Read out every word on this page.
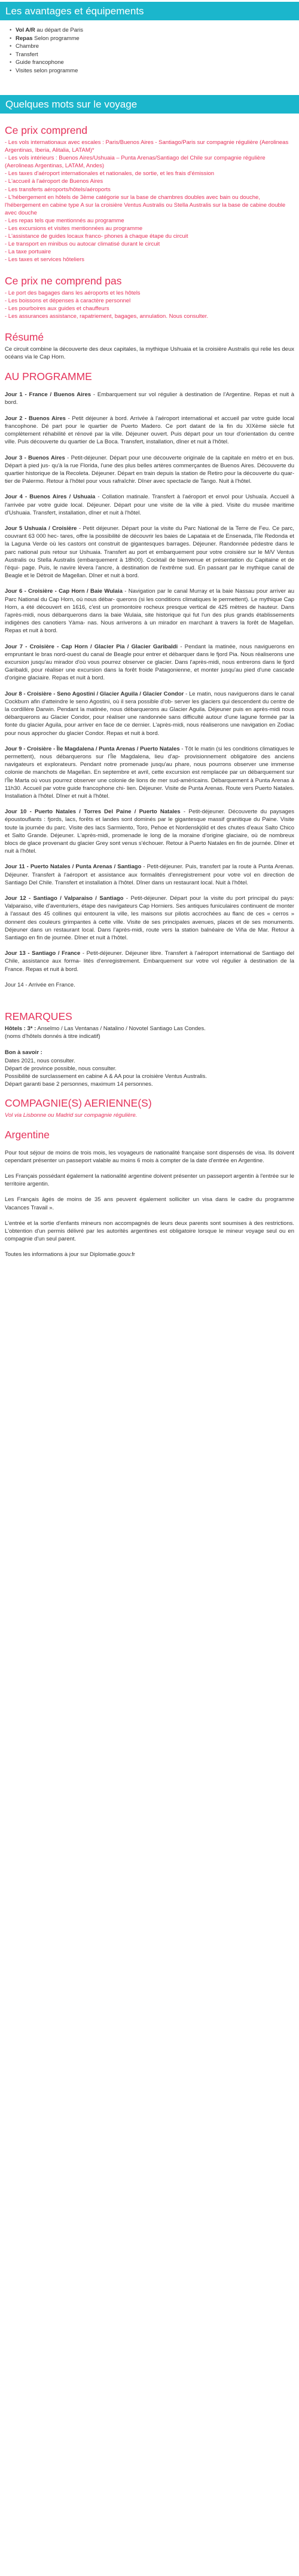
Les avantages et équipements
• Vol A/R au départ de Paris
• Repas Selon programme
• Chambre
• Transfert
• Guide francophone
• Visites selon programme
Quelques mots sur le voyage
Ce prix comprend
- Les vols internationaux avec escales : Paris/Buenos Aires - Santiago/Paris sur compagnie régulière (Aerolineas Argentinas, Iberia, Alitalia, LATAM)*
- Les vols intérieurs : Buenos Aires/Ushuaia – Punta Arenas/Santiago del Chile sur compagnie régulière (Aerolineas Argentinas, LATAM, Andes)
- Les taxes d'aéroport internationales et nationales, de sortie, et les frais d'émission
- L'accueil à l'aéroport de Buenos Aires
- Les transferts aéroports/hôtels/aéroports
- L'hébergement en hôtels de 3ème catégorie sur la base de chambres doubles avec bain ou douche, l'hébergement en cabine type A sur la croisière Ventus Australis ou Stella Australis sur la base de cabine double avec douche
- Les repas tels que mentionnés au programme
- Les excursions et visites mentionnées au programme
- L'assistance de guides locaux franco- phones à chaque étape du circuit
- Le transport en minibus ou autocar climatisé durant le circuit
- La taxe portuaire
- Les taxes et services hôteliers
Ce prix ne comprend pas
- Le port des bagages dans les aéroports et les hôtels
- Les boissons et dépenses à caractère personnel
- Les pourboires aux guides et chauffeurs
- Les assurances assistance, rapatriement, bagages, annulation. Nous consulter.
Résumé

Ce circuit combine la découverte des deux capitales, la mythique Ushuaia et la croisière Australis qui relie les deux océans via le Cap Horn.

AU PROGRAMME
Jour 1 - France / Buenos Aires - Embarquement sur vol régulier à destination de l'Argentine. Repas et nuit à bord.
Jour 2 - Buenos Aires - Petit déjeuner à bord. Arrivée à l'aéroport international et accueil par votre guide local francophone. Dé part pour le quartier de Puerto Madero. Ce port datant de la fin du XIXème siècle fut complètement réhabilité et rénové par la ville. Déjeuner ouvert. Puis départ pour un tour d'orientation du centre ville. Puis découverte du quartier de La Boca. Transfert, installation, dîner et nuit à l'hôtel.
Jour 3 - Buenos Aires - Petit-déjeuner. Départ pour une découverte originale de la capitale en métro et en bus. Départ à pied jus- qu'à la rue Florida, l'une des plus belles artères commerçantes de Buenos Aires. Découverte du quartier historique de la Recoleta. Déjeuner. Départ en train depuis la station de Retiro pour la découverte du quar- tier de Palermo. Retour à l'hôtel pour vous rafraîchir. Dîner avec spectacle de Tango. Nuit à l'hôtel.
Jour 4 - Buenos Aires / Ushuaia - Collation matinale. Transfert à l'aéroport et envol pour Ushuaïa. Accueil à l'arrivée par votre guide local. Déjeuner. Départ pour une visite de la ville à pied. Visite du musée maritime d'Ushuaia. Transfert, installation, dîner et nuit à l'hôtel.
Jour 5 Ushuaia / Croisière - Petit déjeuner. Départ pour la visite du Parc National de la Terre de Feu. Ce parc, couvrant 63 000 hec- tares, offre la possibilité de découvrir les baies de Lapataia et de Ensenada, l'île Redonda et la Laguna Verde où les castors ont construit de gigantesques barrages. Déjeuner. Randonnée pédestre dans le parc national puis retour sur Ushuaia. Transfert au port et embarquement pour votre croisière sur le M/V Ventus Australis ou Stella Australis (embarquement à 18h00). Cocktail de bienvenue et présentation du Capitaine et de l'équi- page. Puis, le navire lèvera l'ancre, à destination de l'extrême sud. En passant par le mythique canal de Beagle et le Détroit de Magellan. Dîner et nuit à bord.
Jour 6 - Croisière - Cap Horn / Baie Wulaia - Navigation par le canal Murray et la baie Nassau pour arriver au Parc National du Cap Horn, où nous débar- querons (si les conditions climatiques le permettent). Le mythique Cap Horn, a été découvert en 1616, c'est un promontoire rocheux presque vertical de 425 mètres de hauteur. Dans l'après-midi, nous débarquerons dans la baie Wulaia, site historique qui fut l'un des plus grands établissements indigènes des canotiers Yàma- nas. Nous arriverons à un mirador en marchant à travers la forêt de Magellan. Repas et nuit à bord.
Jour 7 - Croisière - Cap Horn / Glacier Pia / Glacier Garibaldi - Pendant la matinée, nous naviguerons en empruntant le bras nord-ouest du canal de Beagle pour entrer et débarquer dans le fjord Pia. Nous réaliserons une excursion jusqu'au mirador d'où vous pourrez observer ce glacier. Dans l'après-midi, nous entrerons dans le fjord Garibaldi, pour réaliser une excursion dans la forêt froide Patagonienne, et monter jusqu'au pied d'une cascade d'origine glaciaire. Repas et nuit à bord.
Jour 8 - Croisière - Seno Agostini / Glacier Aguila / Glacier Condor - Le matin, nous naviguerons dans le canal Cockburn afin d'atteindre le seno Agostini, où il sera possible d'ob- server les glaciers qui descendent du centre de la cordillère Darwin. Pendant la matinée, nous débarquerons au Glacier Aguila. Déjeuner puis en après-midi nous débarquerons au Glacier Condor, pour réaliser une randonnée sans difficulté autour d'une lagune formée par la fonte du glacier Aguila, pour arriver en face de ce dernier. L'après-midi, nous réaliserons une navigation en Zodiac pour nous approcher du glacier Condor. Repas et nuit à bord.
Jour 9 - Croisière - Île Magdalena / Punta Arenas / Puerto Natales - Tôt le matin (si les conditions climatiques le permettent), nous débarquerons sur l'Île Magdalena, lieu d'ap- provisionnement obligatoire des anciens navigateurs et explorateurs. Pendant notre promenade jusqu'au phare, nous pourrons observer une immense colonie de manchots de Magellan. En septembre et avril, cette excursion est remplacée par un débarquement sur l'Île Marta où vous pourrez observer une colonie de lions de mer sud-américains. Débarquement à Punta Arenas à 11h30. Accueil par votre guide francophone chi- lien. Déjeuner. Visite de Punta Arenas. Route vers Puerto Natales. Installation à l'hôtel. Dîner et nuit à l'hôtel.
Jour 10 - Puerto Natales / Torres Del Paine / Puerto Natales - Petit-déjeuner. Découverte du paysages époustouflants : fjords, lacs, forêts et landes sont dominés par le gigantesque massif granitique du Paine. Visite toute la journée du parc. Visite des lacs Sarmiento, Toro, Pehoe et Nordenskjöld et des chutes d'eaux Salto Chico et Salto Grande. Déjeuner. L'après-midi, promenade le long de la moraine d'origine glaciaire, où de nombreux blocs de glace provenant du glacier Grey sont venus s'échouer. Retour à Puerto Natales en fin de journée. Dîner et nuit à l'hôtel.
Jour 11 - Puerto Natales / Punta Arenas / Santiago - Petit-déjeuner. Puis, transfert par la route à Punta Arenas. Déjeuner. Transfert à l'aéroport et assistance aux formalités d'enregistrement pour votre vol en direction de Santiago Del Chile. Transfert et installation à l'hôtel. Dîner dans un restaurant local. Nuit à l'hôtel.
Jour 12 - Santiago / Valparaiso / Santiago - Petit-déjeuner. Départ pour la visite du port principal du pays: Valparaiso, ville d'aventuriers, étape des navigateurs Cap Horniers. Ses antiques funiculaires continuent de monter à l'assaut des 45 collines qui entourent la ville, les maisons sur pilotis accrochées au flanc de ces « cerros » donnent des couleurs grimpantes à cette ville. Visite de ses principales avenues, places et de ses monuments. Déjeuner dans un restaurant local. Dans l'après-midi, route vers la station balnéaire de Viña de Mar. Retour à Santiago en fin de journée. Dîner et nuit à l'hôtel.
Jour 13 - Santiago / France - Petit-déjeuner. Déjeuner libre. Transfert à l'aéroport international de Santiago del Chile, assistance aux forma- lités d'enregistrement. Embarquement sur votre vol régulier à destination de la France. Repas et nuit à bord.
Jour 14 - Arrivée en France.
REMARQUES

Hôtels : 3* : Anselmo / Las Ventanas / Natalino / Novotel Santiago Las Condes.

(noms d'hôtels donnés à titre indicatif)

Bon à savoir :

Dates 2021, nous consulter.

Départ de province possible, nous consulter.

Possibilité de surclassement en cabine A & AA pour la croisière Ventus Australis.

Départ garanti base 2 personnes, maximum 14 personnes.

COMPAGNIE(S) AERIENNE(S)
Vol via Lisbonne ou Madrid sur compagnie régulière.
Argentine
Pour tout séjour de moins de trois mois, les voyageurs de nationalité française sont dispensés de visa. Ils doivent cependant présenter un passeport valable au moins 6 mois à compter de la date d'entrée en Argentine.
Les Français possédant également la nationalité argentine doivent présenter un passeport argentin à l'entrée sur le territoire argentin.
Les Français âgés de moins de 35 ans peuvent également solliciter un visa dans le cadre du programme Vacances Travail ».
L'entrée et la sortie d'enfants mineurs non accompagnés de leurs deux parents sont soumises à des restrictions. L'obtention d'un permis délivré par les autorités argentines est obligatoire lorsque le mineur voyage seul ou en compagnie d'un seul parent.
Toutes les informations à jour sur Diplomatie.gouv.fr
